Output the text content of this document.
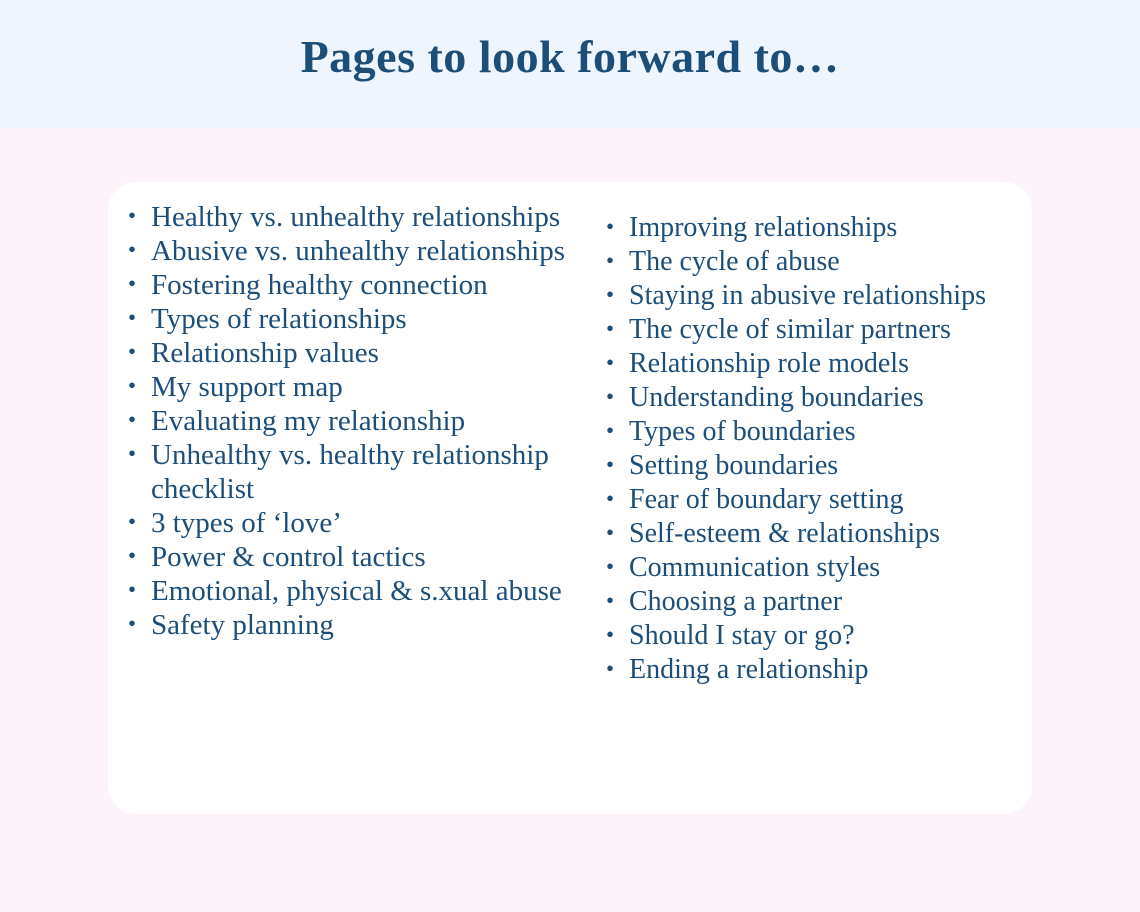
Pages to look forward to…
• Healthy vs. unhealthy relationships
• Abusive vs. unhealthy relationships
• Fostering healthy connection
• Types of relationships
• Relationship values
• My support map
• Evaluating my relationship
• Unhealthy vs. healthy relationship checklist
• 3 types of ‘love’
• Power & control tactics
• Emotional, physical & s.xual abuse
• Safety planning
• Improving relationships
• The cycle of abuse
• Staying in abusive relationships
• The cycle of similar partners
• Relationship role models
• Understanding boundaries
• Types of boundaries
• Setting boundaries
• Fear of boundary setting
• Self-esteem & relationships
• Communication styles
• Choosing a partner
• Should I stay or go?
• Ending a relationship
